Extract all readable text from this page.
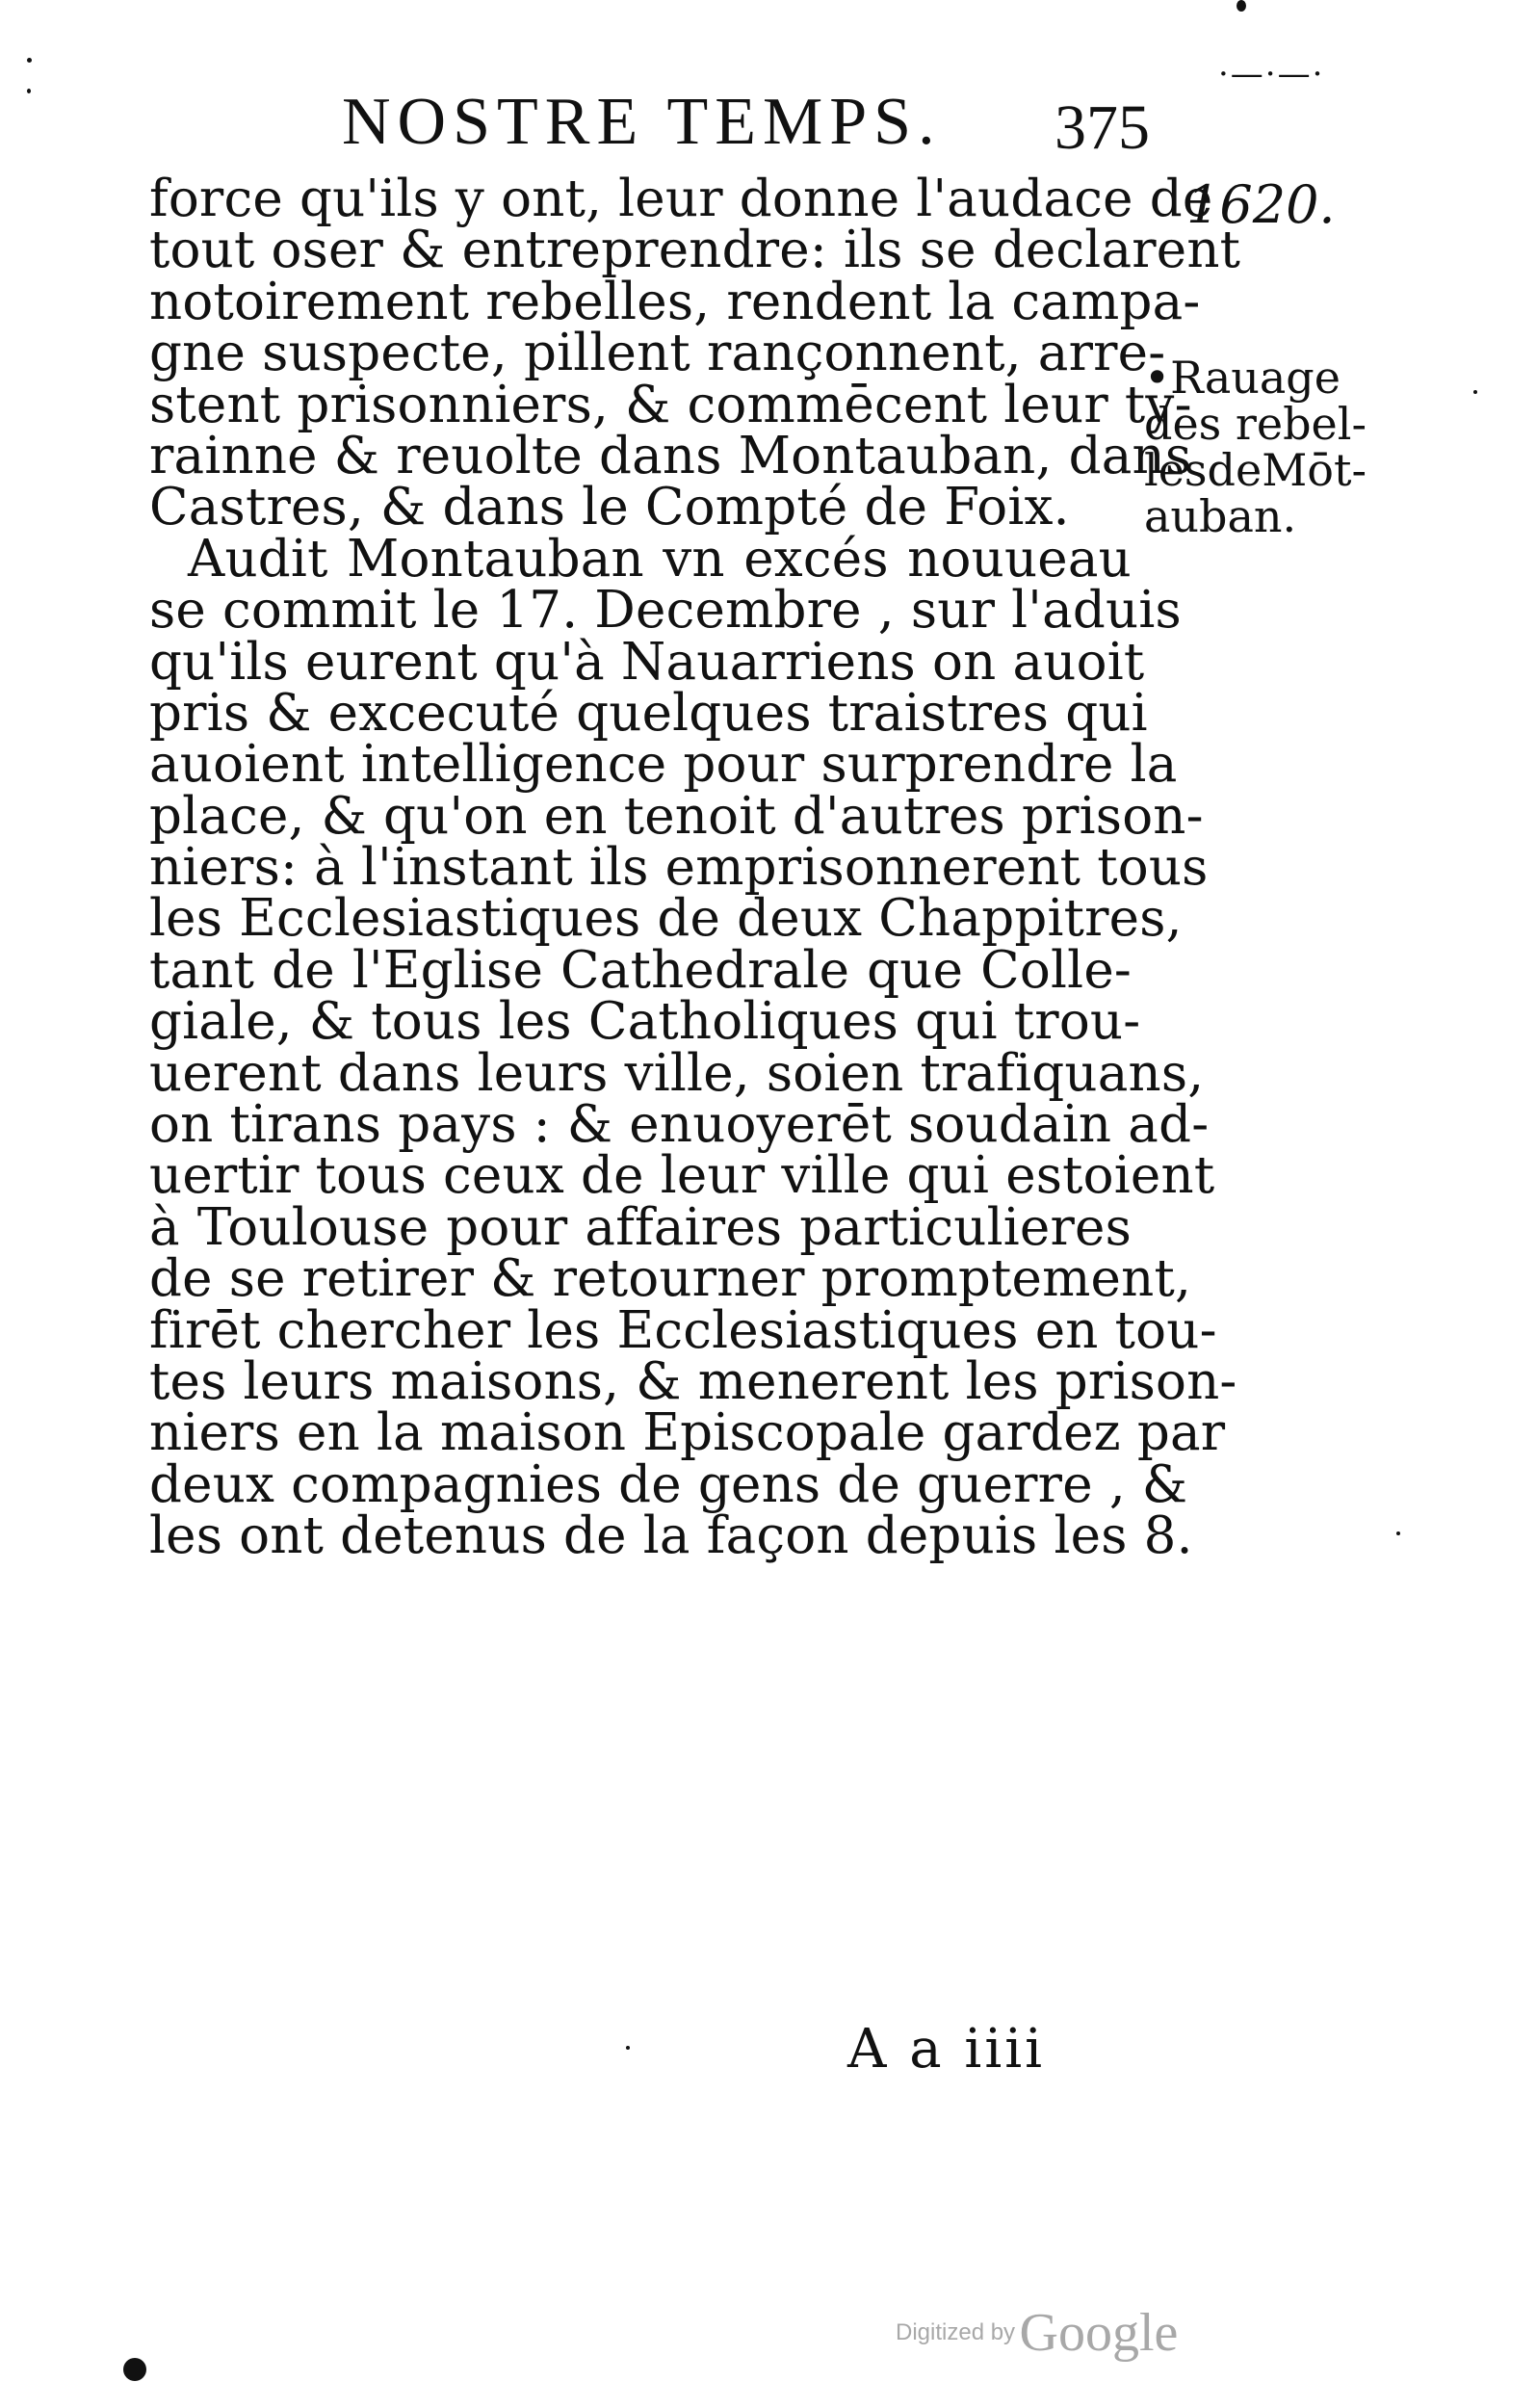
NOSTRE TEMPS. 375
·—·—·
1620.
•Rauage
des rebel-
lesdeMōt-
auban.
force qu'ils y ont, leur donne l'audace de
tout oser & entreprendre: ils se declarent
notoirement rebelles, rendent la campa-
gne suspecte, pillent rançonnent, arre-
stent prisonniers, & commēcent leur ty-
rainne & reuolte dans Montauban, dans
Castres, & dans le Compté de Foix.
Audit Montauban vn excés nouueau
se commit le 17. Decembre , sur l'aduis
qu'ils eurent qu'à Nauarriens on auoit
pris & excecuté quelques traistres qui
auoient intelligence pour surprendre la
place, & qu'on en tenoit d'autres prison-
niers: à l'instant ils emprisonnerent tous
les Ecclesiastiques de deux Chappitres,
tant de l'Eglise Cathedrale que Colle-
giale, & tous les Catholiques qui trou-
uerent dans leurs ville, soien trafiquans,
on tirans pays : & enuoyerēt soudain ad-
uertir tous ceux de leur ville qui estoient
à Toulouse pour affaires particulieres
de se retirer & retourner promptement,
firēt chercher les Ecclesiastiques en tou-
tes leurs maisons, & menerent les prison-
niers en la maison Episcopale gardez par
deux compagnies de gens de guerre , &
les ont detenus de la façon depuis les 8.
A a iiii
Digitized by Google
